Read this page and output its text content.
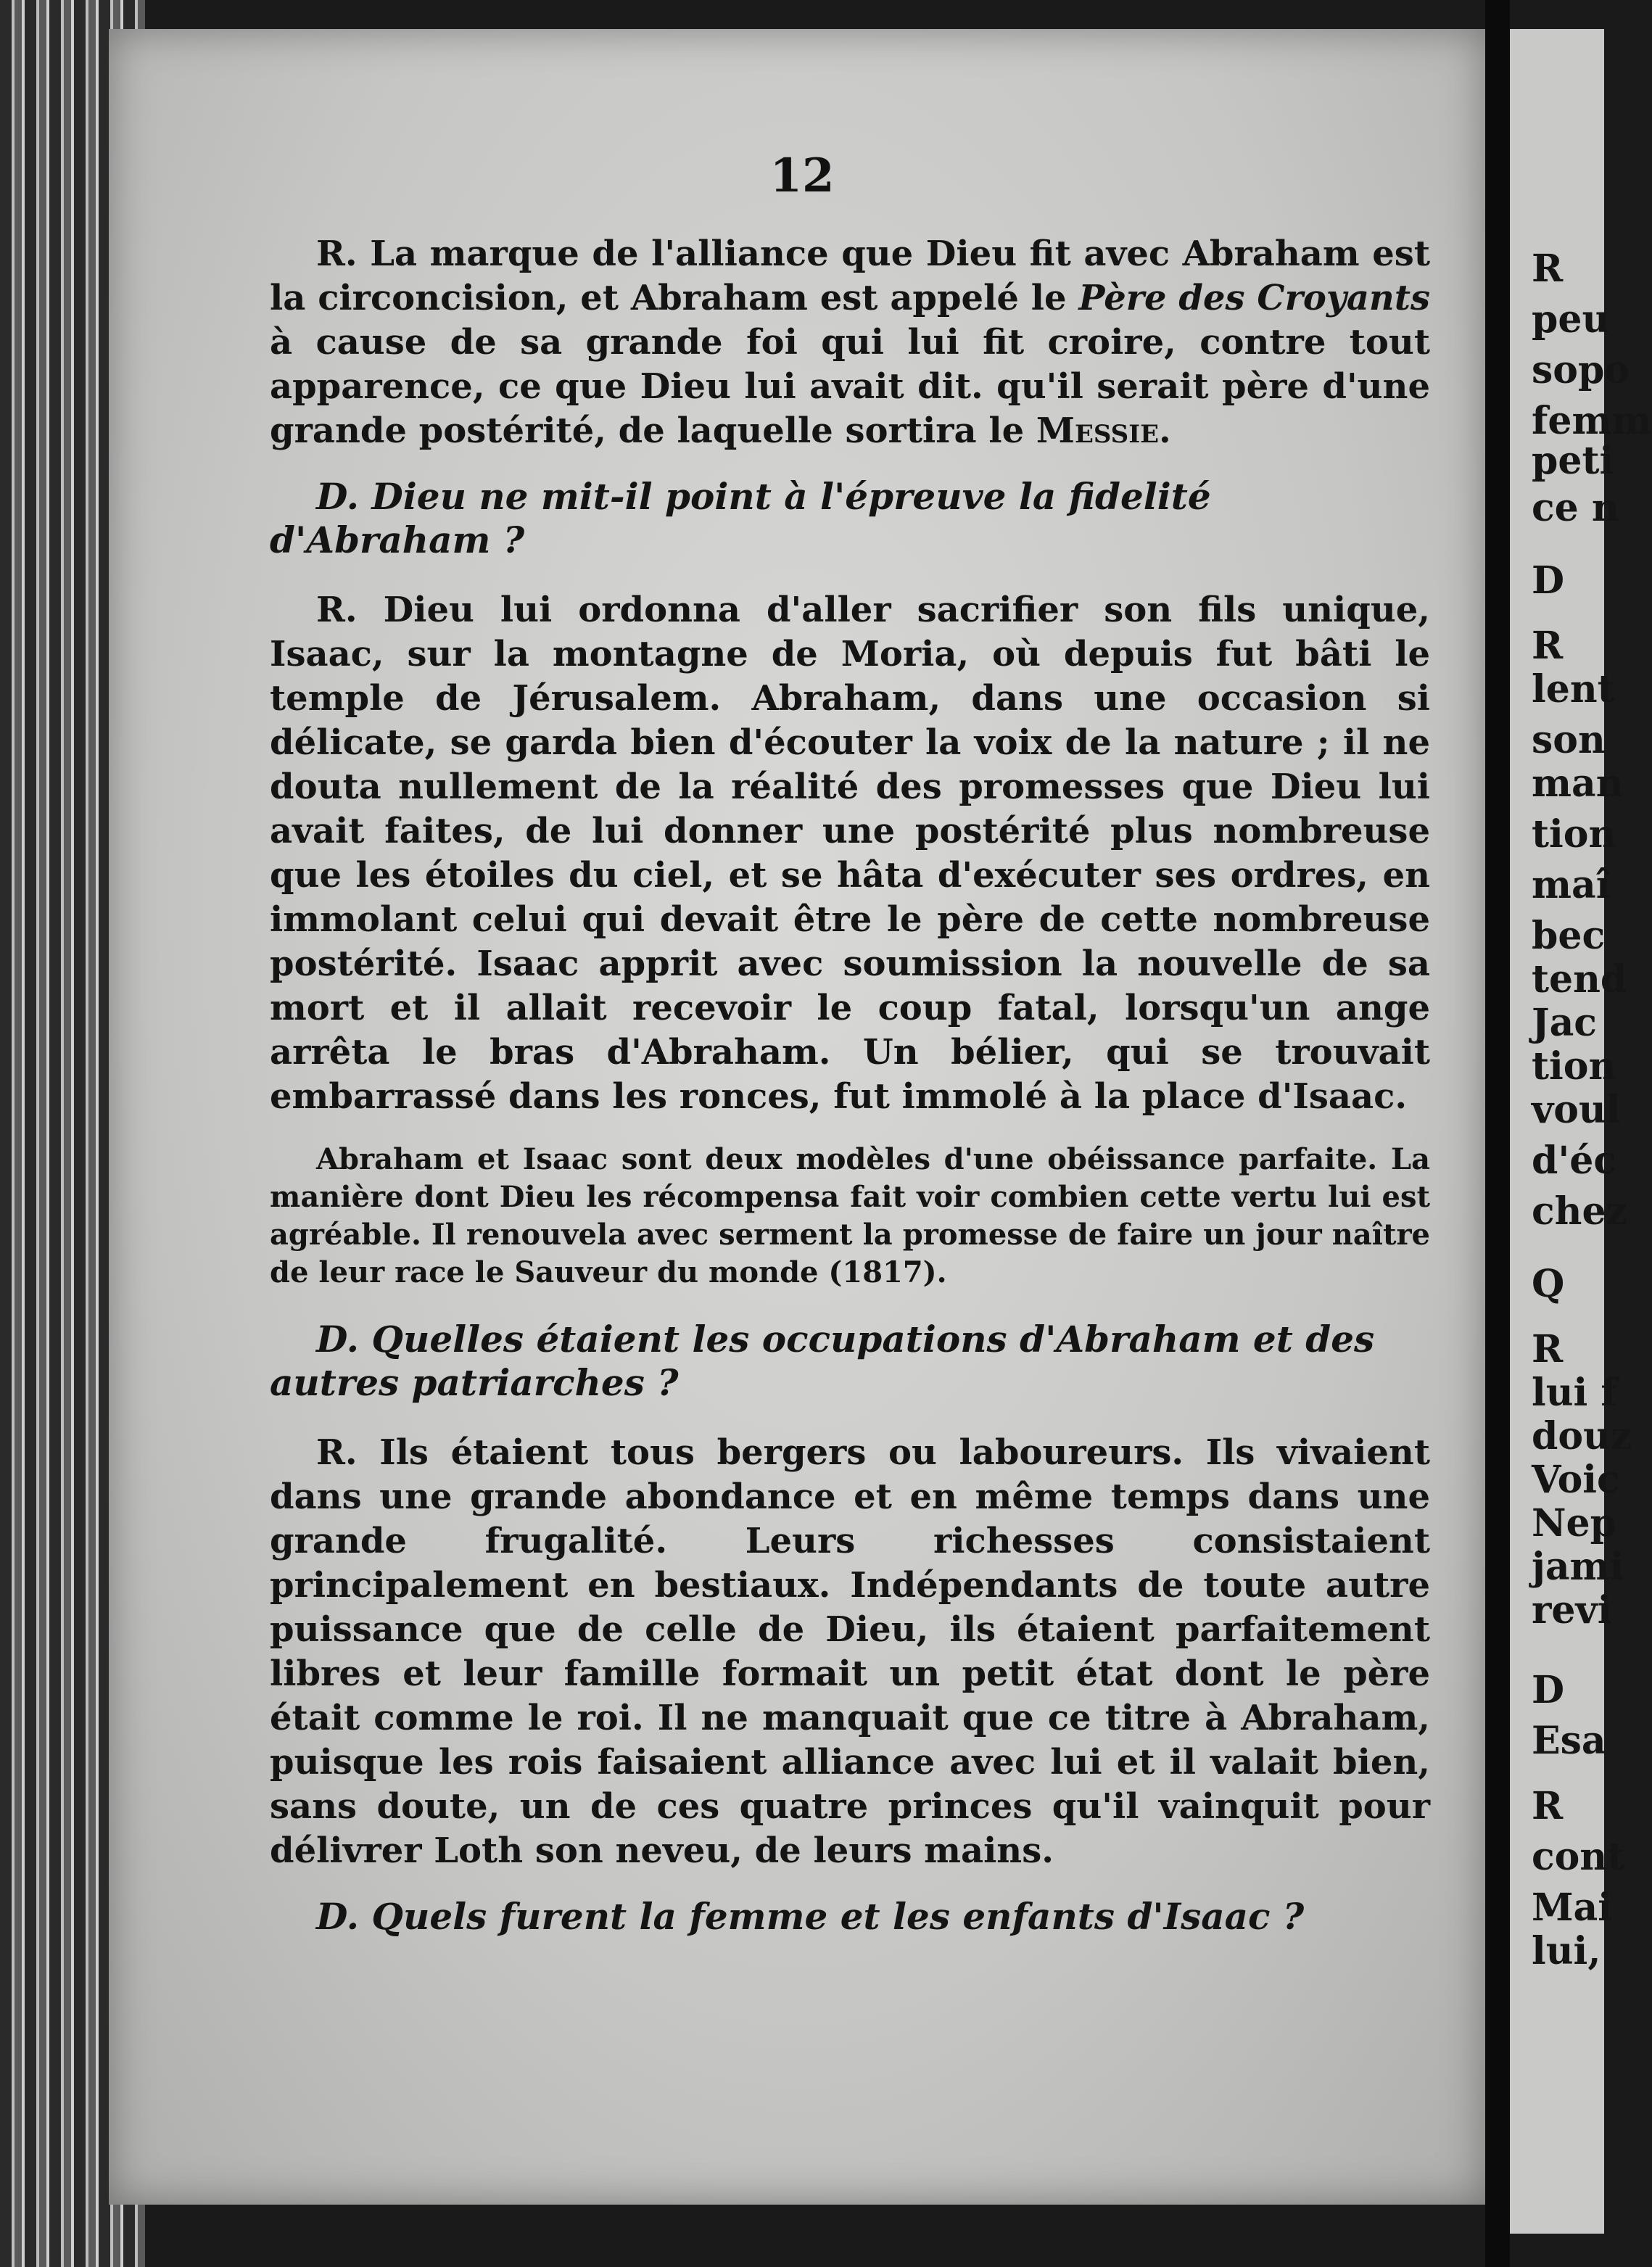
12

R. La marque de l'alliance que Dieu fit avec Abraham est la circoncision, et Abraham est appelé le Père des Croyants à cause de sa grande foi qui lui fit croire, contre tout apparence, ce que Dieu lui avait dit. qu'il serait père d'une grande postérité, de laquelle sortira le Messie.

D. Dieu ne mit-il point à l'épreuve la fidelité d'Abraham ?

R. Dieu lui ordonna d'aller sacrifier son fils unique, Isaac, sur la montagne de Moria, où depuis fut bâti le temple de Jérusalem. Abraham, dans une occasion si délicate, se garda bien d'écouter la voix de la nature ; il ne douta nullement de la réalité des promesses que Dieu lui avait faites, de lui donner une postérité plus nombreuse que les étoiles du ciel, et se hâta d'exécuter ses ordres, en immolant celui qui devait être le père de cette nombreuse postérité. Isaac apprit avec soumission la nouvelle de sa mort et il allait recevoir le coup fatal, lorsqu'un ange arrêta le bras d'Abraham. Un bélier, qui se trouvait embarrassé dans les ronces, fut immolé à la place d'Isaac.

Abraham et Isaac sont deux modèles d'une obéissance parfaite. La manière dont Dieu les récompensa fait voir combien cette vertu lui est agréable. Il renouvela avec serment la promesse de faire un jour naître de leur race le Sauveur du monde (1817).

D. Quelles étaient les occupations d'Abraham et des autres patriarches ?

R. Ils étaient tous bergers ou laboureurs. Ils vivaient dans une grande abondance et en même temps dans une grande frugalité. Leurs richesses consistaient principalement en bestiaux. Indépendants de toute autre puissance que de celle de Dieu, ils étaient parfaitement libres et leur famille formait un petit état dont le père était comme le roi. Il ne manquait que ce titre à Abraham, puisque les rois faisaient alliance avec lui et il valait bien, sans doute, un de ces quatre princes qu'il vainquit pour délivrer Loth son neveu, de leurs mains.

D. Quels furent la femme et les enfants d'Isaac ?

R
peu
sopo
femm
peti
ce n
D
R
lent
son
man
tion
maî
bec
tend
Jac
tion
voul
d'éc
chez
Q
R
lui f
douz
Voic
Nep
jami
revi
D
Esa
R
cont
Mai
lui,
